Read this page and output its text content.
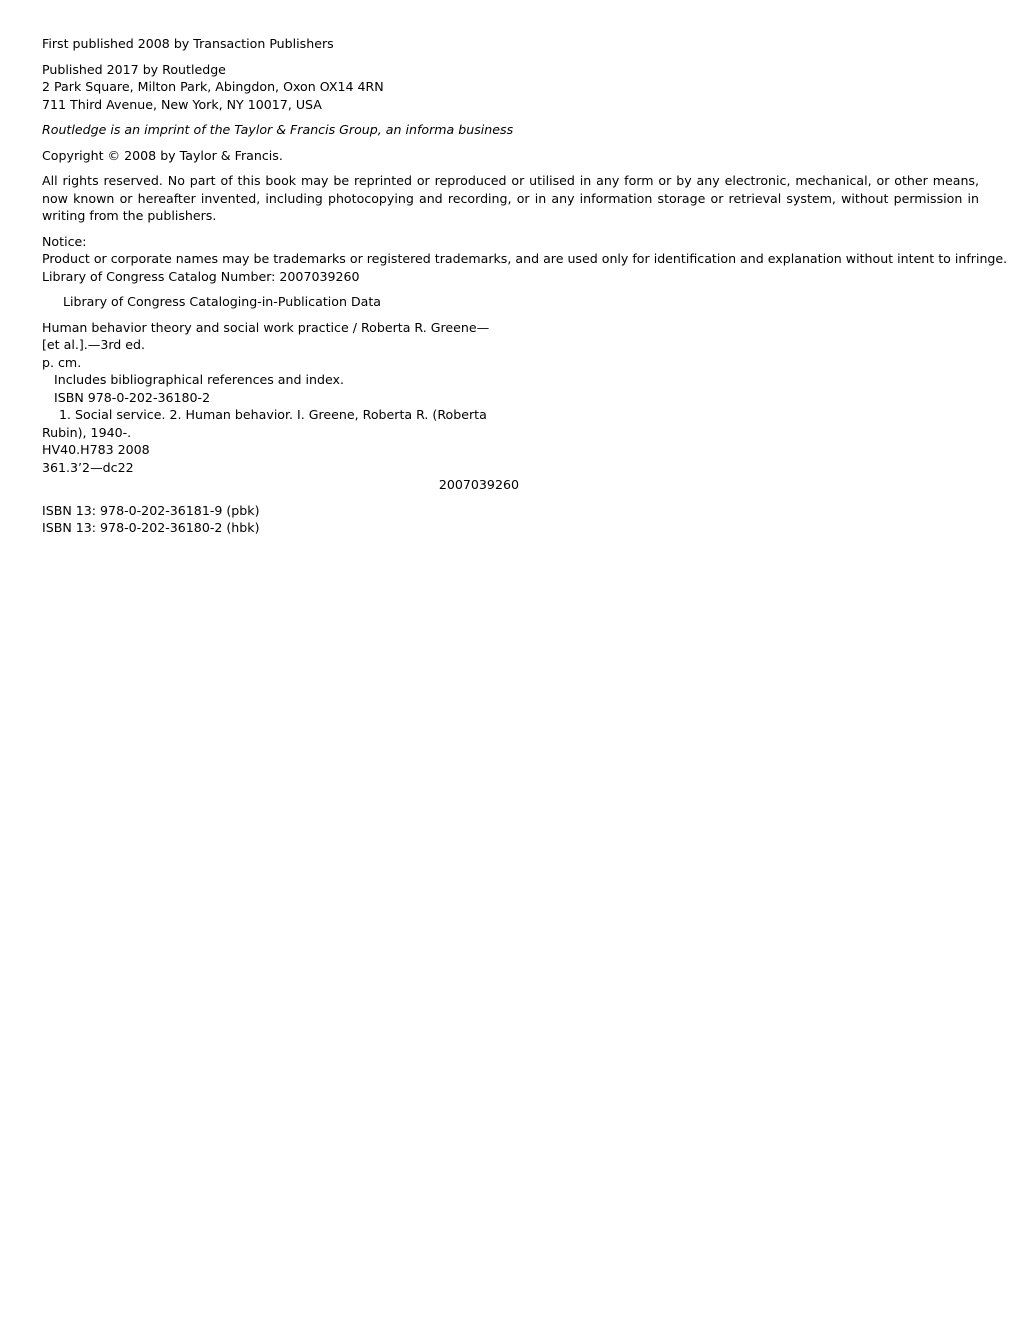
First published 2008 by Transaction Publishers

Published 2017 by Routledge
2 Park Square, Milton Park, Abingdon, Oxon OX14 4RN
711 Third Avenue, New York, NY 10017, USA

Routledge is an imprint of the Taylor & Francis Group, an informa business

Copyright © 2008 by Taylor & Francis.

All rights reserved. No part of this book may be reprinted or reproduced or utilised in any form or by any electronic, mechanical, or other means, now known or hereafter invented, including photocopying and recording, or in any information storage or retrieval system, without permission in writing from the publishers.

Notice:
Product or corporate names may be trademarks or registered trademarks, and are used only for identification and explanation without intent to infringe.
Library of Congress Catalog Number: 2007039260

Library of Congress Cataloging-in-Publication Data

Human behavior theory and social work practice / Roberta R. Greene—
[et al.].—3rd ed.
p. cm.
Includes bibliographical references and index.
ISBN 978-0-202-36180-2
1. Social service. 2. Human behavior. I. Greene, Roberta R. (Roberta
Rubin), 1940-.
HV40.H783 2008
361.3’2—dc22
2007039260
ISBN 13: 978-0-202-36181-9 (pbk)
ISBN 13: 978-0-202-36180-2 (hbk)
